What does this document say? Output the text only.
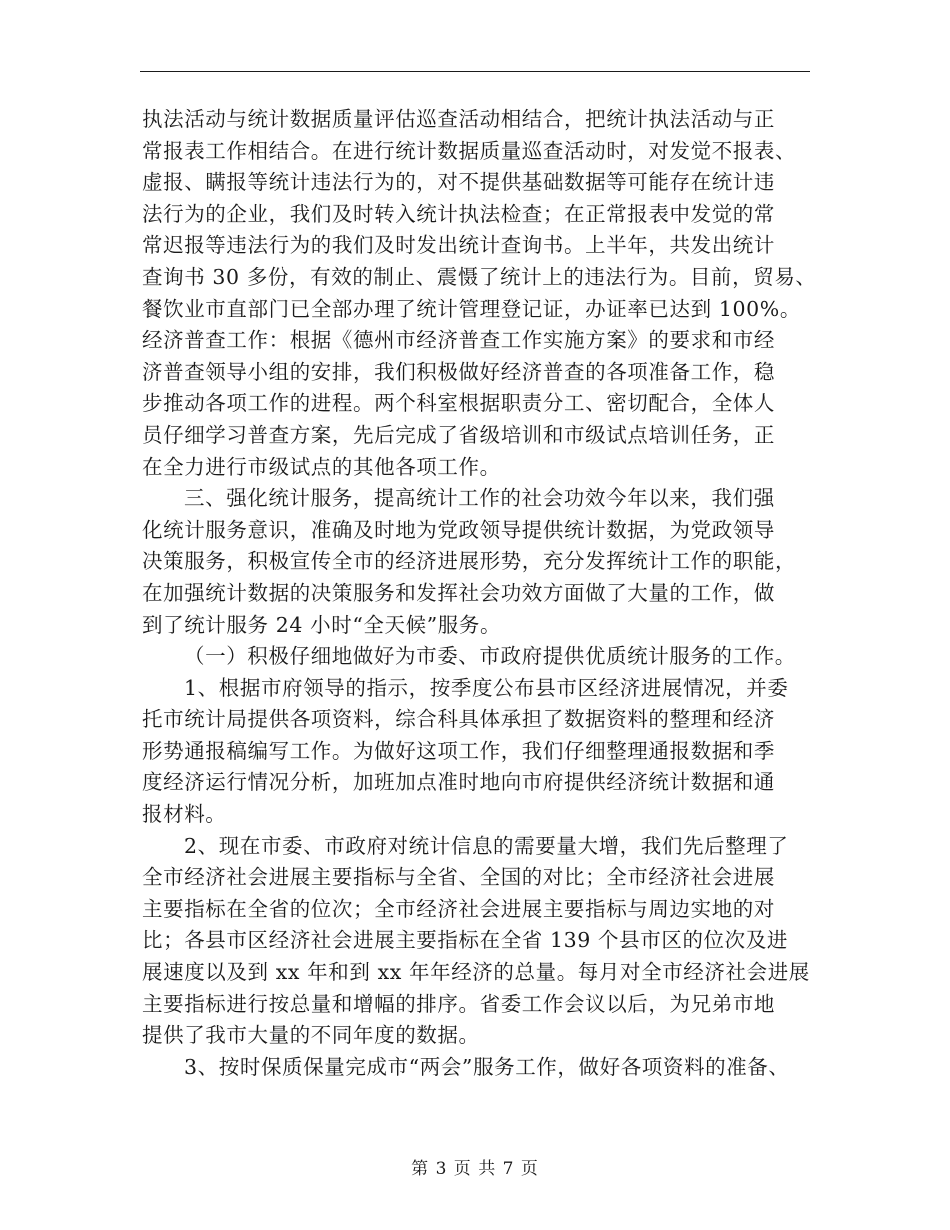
执法活动与统计数据质量评估巡查活动相结合，把统计执法活动与正
常报表工作相结合。在进行统计数据质量巡查活动时，对发觉不报表、
虚报、瞒报等统计违法行为的，对不提供基础数据等可能存在统计违
法行为的企业，我们及时转入统计执法检查；在正常报表中发觉的常
常迟报等违法行为的我们及时发出统计查询书。上半年，共发出统计
查询书 30 多份，有效的制止、震慑了统计上的违法行为。目前，贸易、
餐饮业市直部门已全部办理了统计管理登记证，办证率已达到 100%。
经济普查工作：根据《德州市经济普查工作实施方案》的要求和市经
济普查领导小组的安排，我们积极做好经济普查的各项准备工作，稳
步推动各项工作的进程。两个科室根据职责分工、密切配合，全体人
员仔细学习普查方案，先后完成了省级培训和市级试点培训任务，正
在全力进行市级试点的其他各项工作。
三、强化统计服务，提高统计工作的社会功效今年以来，我们强
化统计服务意识，准确及时地为党政领导提供统计数据，为党政领导
决策服务，积极宣传全市的经济进展形势，充分发挥统计工作的职能，
在加强统计数据的决策服务和发挥社会功效方面做了大量的工作，做
到了统计服务 24 小时“全天候”服务。
（一）积极仔细地做好为市委、市政府提供优质统计服务的工作。
1、根据市府领导的指示，按季度公布县市区经济进展情况，并委
托市统计局提供各项资料，综合科具体承担了数据资料的整理和经济
形势通报稿编写工作。为做好这项工作，我们仔细整理通报数据和季
度经济运行情况分析，加班加点准时地向市府提供经济统计数据和通
报材料。
2、现在市委、市政府对统计信息的需要量大增，我们先后整理了
全市经济社会进展主要指标与全省、全国的对比；全市经济社会进展
主要指标在全省的位次；全市经济社会进展主要指标与周边实地的对
比；各县市区经济社会进展主要指标在全省 139 个县市区的位次及进
展速度以及到 xx 年和到 xx 年年经济的总量。每月对全市经济社会进展
主要指标进行按总量和增幅的排序。省委工作会议以后，为兄弟市地
提供了我市大量的不同年度的数据。
3、按时保质保量完成市“两会”服务工作，做好各项资料的准备、
第 3 页 共 7 页
